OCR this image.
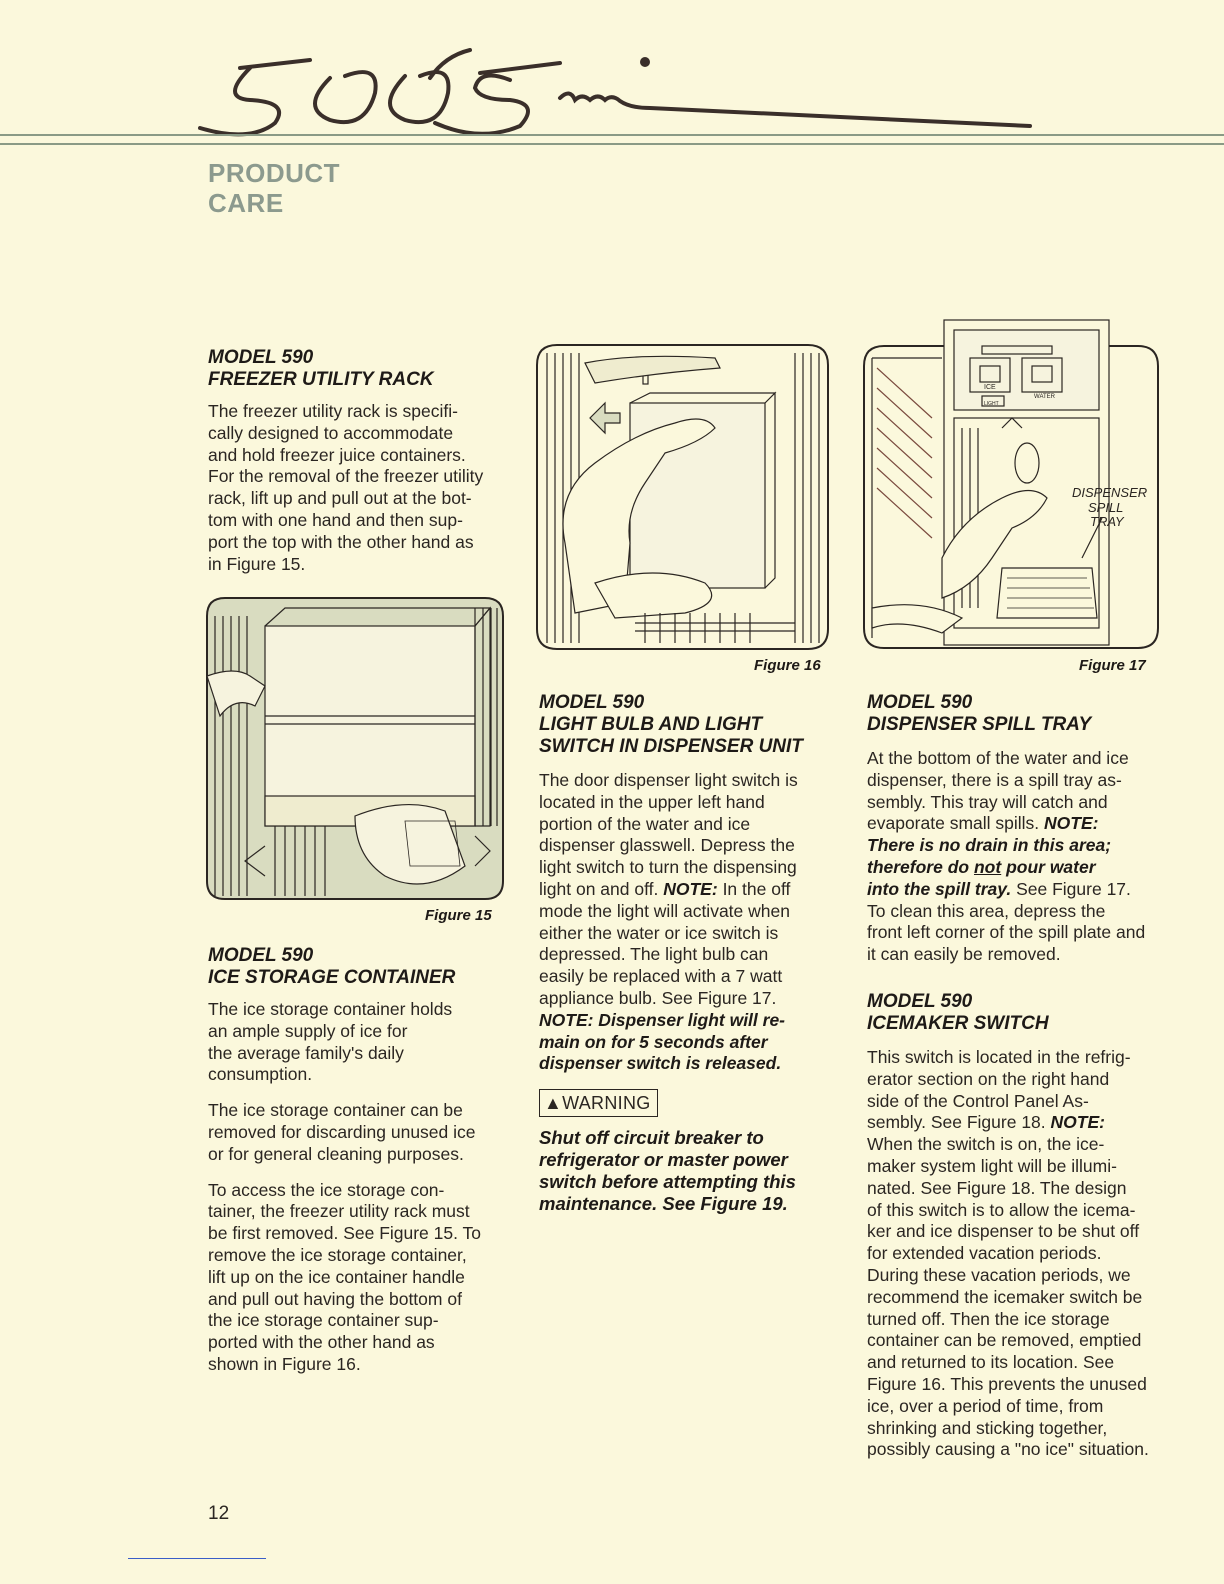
PRODUCT
CARE
MODEL 590
FREEZER UTILITY RACK

The freezer utility rack is specifi-
cally designed to accommodate
and hold freezer juice containers.
For the removal of the freezer utility
rack, lift up and pull out at the bot-
tom with one hand and then sup-
port the top with the other hand as
in Figure 15.

Figure 15
MODEL 590
ICE STORAGE CONTAINER

The ice storage container holds
an ample supply of ice for
the average family's daily
consumption.

The ice storage container can be
removed for discarding unused ice
or for general cleaning purposes.

To access the ice storage con-
tainer, the freezer utility rack must
be first removed. See Figure 15. To
remove the ice storage container,
lift up on the ice container handle
and pull out having the bottom of
the ice storage container sup-
ported with the other hand as
shown in Figure 16.

Figure 16
MODEL 590
LIGHT BULB AND LIGHT
SWITCH IN DISPENSER UNIT

The door dispenser light switch is
located in the upper left hand
portion of the water and ice
dispenser glasswell. Depress the
light switch to turn the dispensing
light on and off. NOTE: In the off
mode the light will activate when
either the water or ice switch is
depressed. The light bulb can
easily be replaced with a 7 watt
appliance bulb. See Figure 17.
NOTE: Dispenser light will re-
main on for 5 seconds after
dispenser switch is released.

▲WARNING
Shut off circuit breaker to
refrigerator or master power
switch before attempting this
maintenance. See Figure 19.
ICE
WATER
LIGHT
DISPENSER
SPILL
TRAY
Figure 17
MODEL 590
DISPENSER SPILL TRAY

At the bottom of the water and ice
dispenser, there is a spill tray as-
sembly. This tray will catch and
evaporate small spills. NOTE:
There is no drain in this area;
therefore do not pour water
into the spill tray. See Figure 17.
To clean this area, depress the
front left corner of the spill plate and
it can easily be removed.

MODEL 590
ICEMAKER SWITCH

This switch is located in the refrig-
erator section on the right hand
side of the Control Panel As-
sembly. See Figure 18. NOTE:
When the switch is on, the ice-
maker system light will be illumi-
nated. See Figure 18. The design
of this switch is to allow the icema-
ker and ice dispenser to be shut off
for extended vacation periods.
During these vacation periods, we
recommend the icemaker switch be
turned off. Then the ice storage
container can be removed, emptied
and returned to its location. See
Figure 16. This prevents the unused
ice, over a period of time, from
shrinking and sticking together,
possibly causing a "no ice" situation.

12
